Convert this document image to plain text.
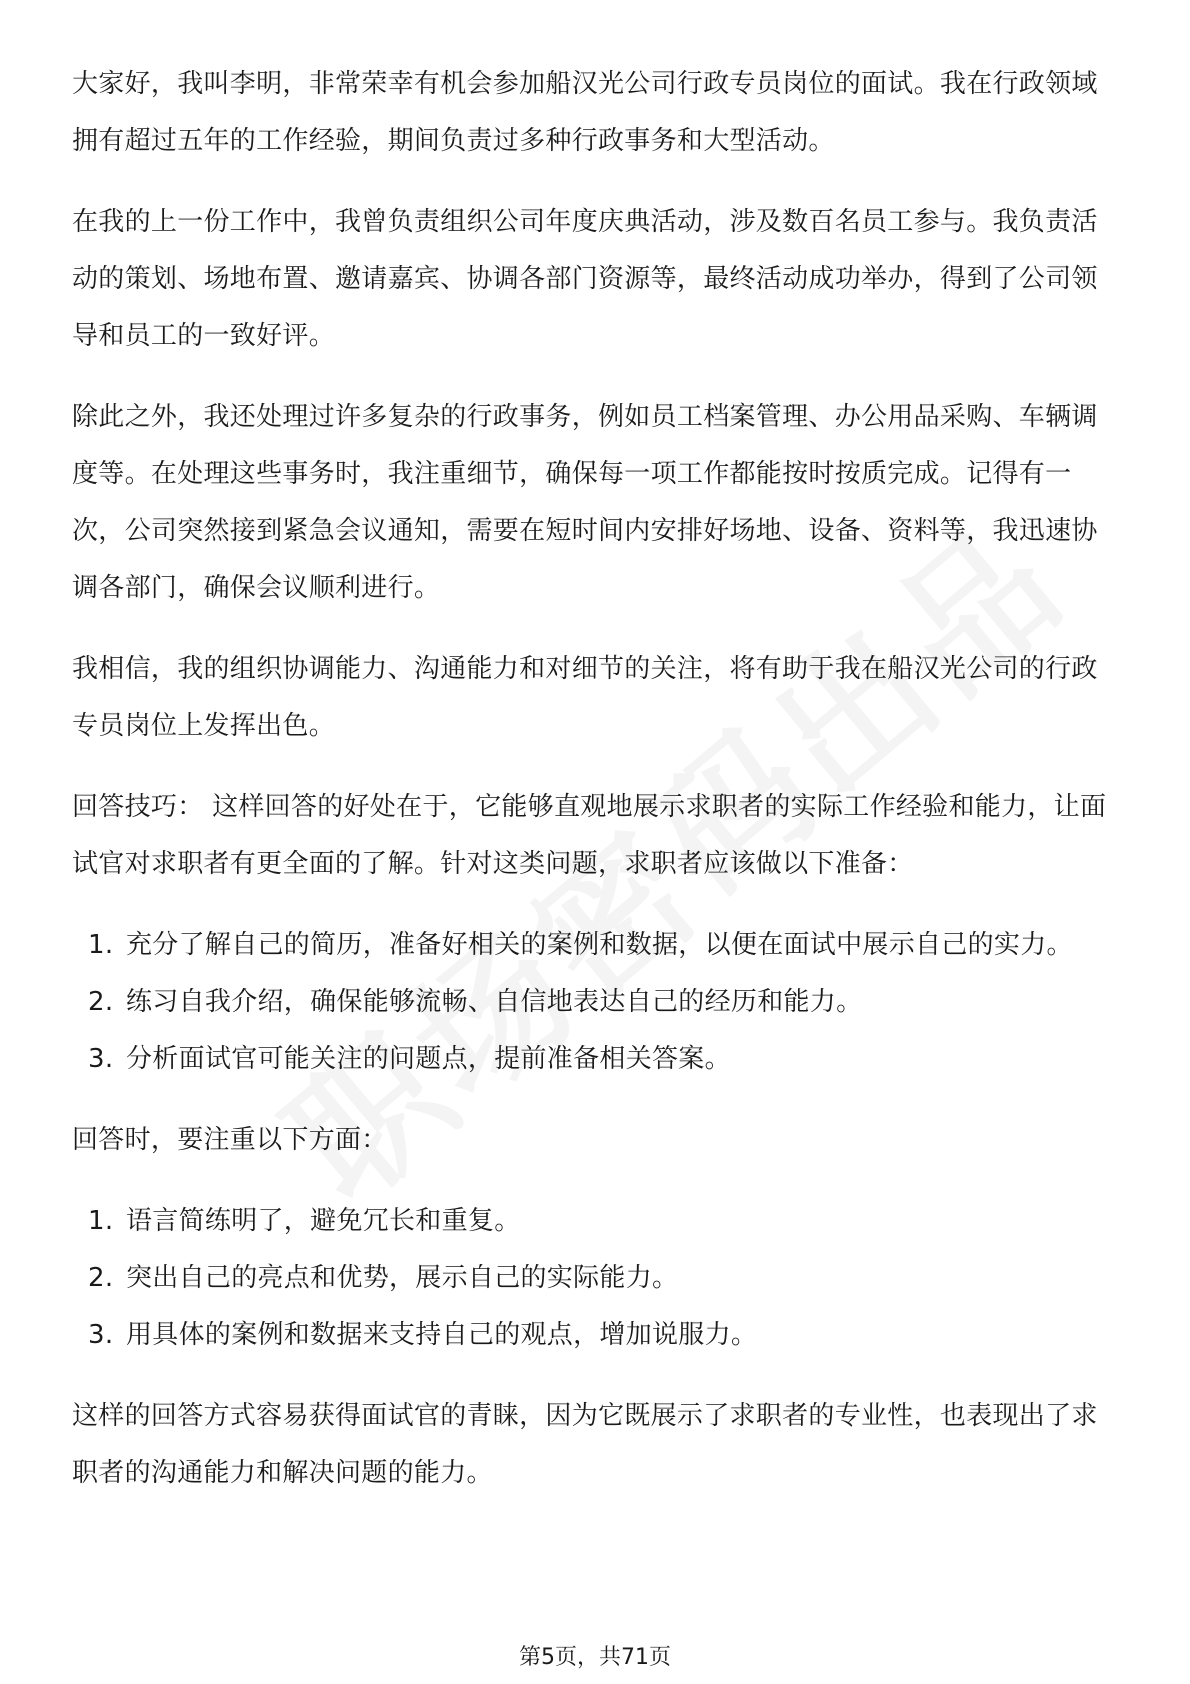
大家好，我叫李明，非常荣幸有机会参加船汉光公司行政专员岗位的面试。我在行政领域拥有超过五年的工作经验，期间负责过多种行政事务和大型活动。

在我的上一份工作中，我曾负责组织公司年度庆典活动，涉及数百名员工参与。我负责活动的策划、场地布置、邀请嘉宾、协调各部门资源等，最终活动成功举办，得到了公司领导和员工的一致好评。

除此之外，我还处理过许多复杂的行政事务，例如员工档案管理、办公用品采购、车辆调度等。在处理这些事务时，我注重细节，确保每一项工作都能按时按质完成。记得有一次，公司突然接到紧急会议通知，需要在短时间内安排好场地、设备、资料等，我迅速协调各部门，确保会议顺利进行。

我相信，我的组织协调能力、沟通能力和对细节的关注，将有助于我在船汉光公司的行政专员岗位上发挥出色。

回答技巧： 这样回答的好处在于，它能够直观地展示求职者的实际工作经验和能力，让面试官对求职者有更全面的了解。针对这类问题，求职者应该做以下准备：

1. 充分了解自己的简历，准备好相关的案例和数据，以便在面试中展示自己的实力。
2. 练习自我介绍，确保能够流畅、自信地表达自己的经历和能力。
3. 分析面试官可能关注的问题点，提前准备相关答案。

回答时，要注重以下方面：

1. 语言简练明了，避免冗长和重复。
2. 突出自己的亮点和优势，展示自己的实际能力。
3. 用具体的案例和数据来支持自己的观点，增加说服力。

这样的回答方式容易获得面试官的青睐，因为它既展示了求职者的专业性，也表现出了求职者的沟通能力和解决问题的能力。

第5页，共71页
